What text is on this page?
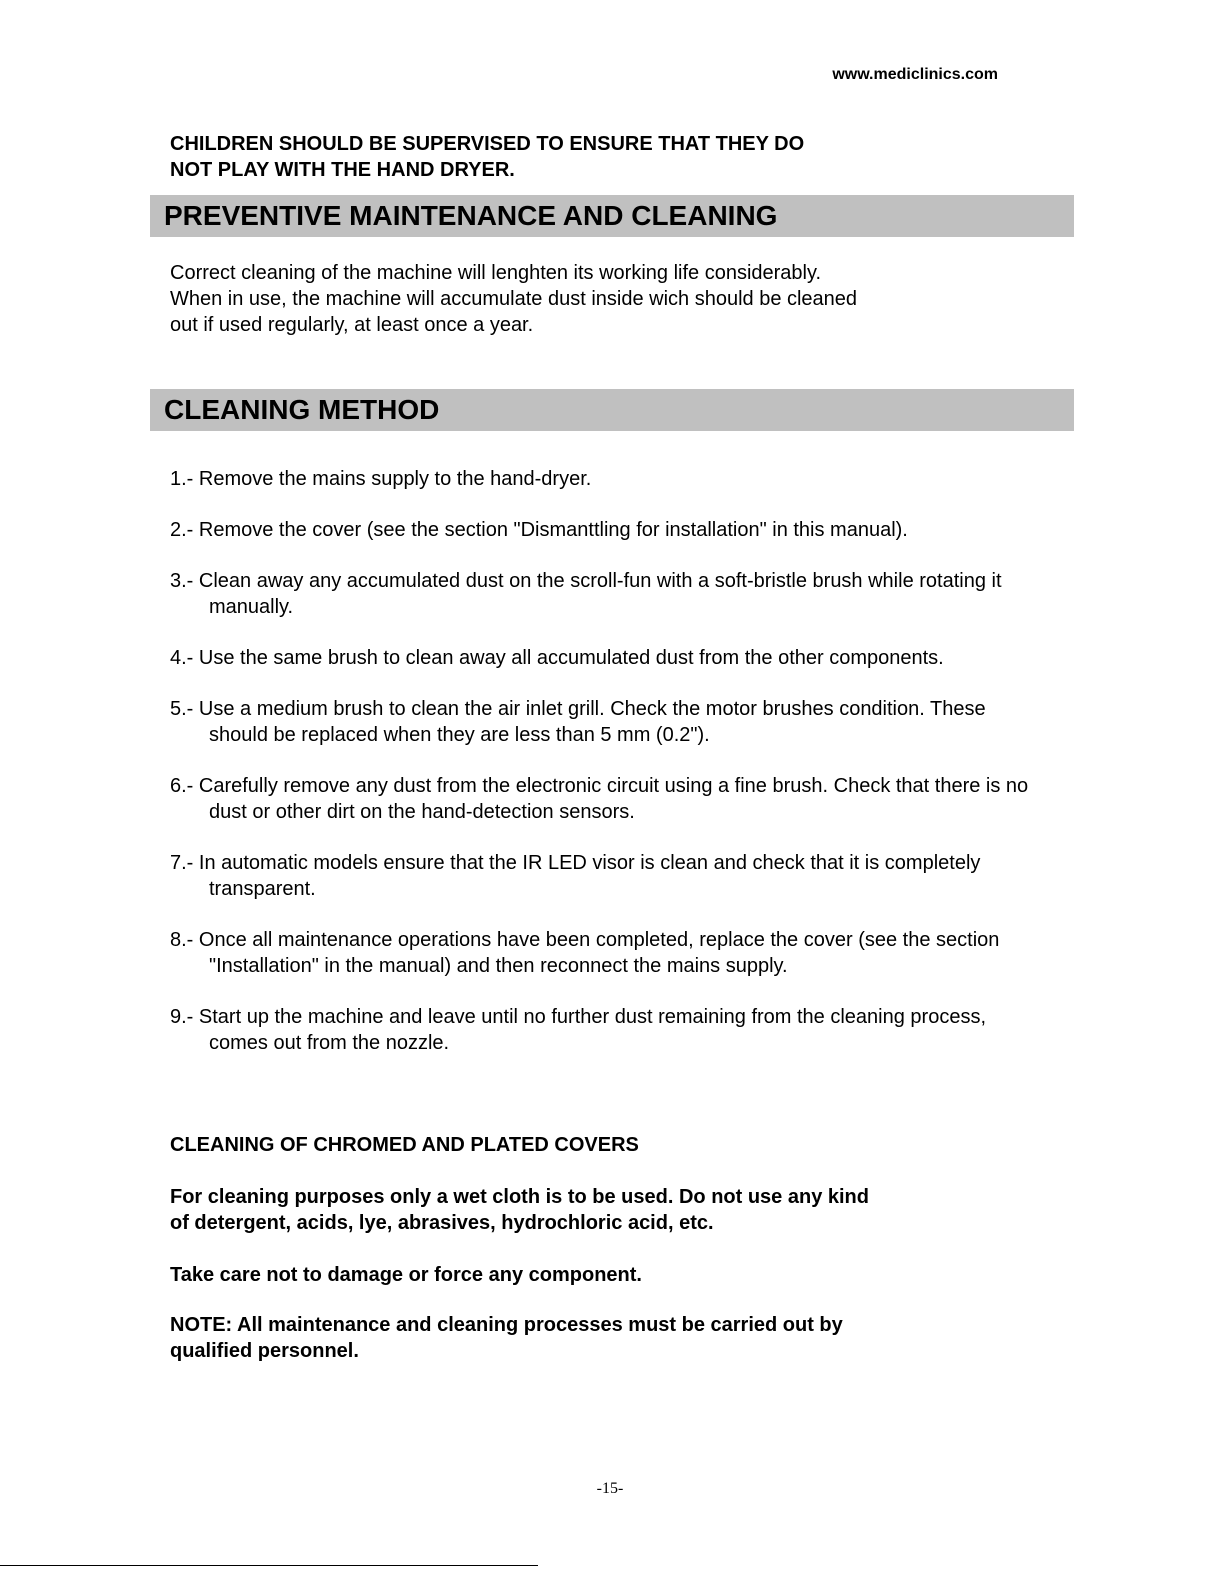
www.mediclinics.com
CHILDREN SHOULD BE SUPERVISED TO ENSURE THAT THEY DO
NOT PLAY WITH THE HAND DRYER.
PREVENTIVE MAINTENANCE AND CLEANING

Correct cleaning of the machine will lenghten its working life considerably.

When in use, the machine will accumulate dust inside wich should be cleaned out if used regularly, at least once a year.

CLEANING METHOD
1.- Remove the mains supply to the hand-dryer.
2.- Remove the cover (see the section "Dismanttling for installation" in this manual).
3.- Clean away any accumulated dust on the scroll-fun with a soft-bristle brush while rotating it manually.
4.- Use the same brush to clean away all accumulated dust from the other components.
5.- Use a medium brush to clean the air inlet grill. Check the motor brushes condition. These should be replaced when they are less than 5 mm (0.2").
6.- Carefully remove any dust from the electronic circuit using a fine brush. Check that there is no dust or other dirt on the hand-detection sensors.
7.- In automatic models ensure that the IR LED visor is clean and check that it is completely transparent.
8.- Once all maintenance operations have been completed, replace the cover (see the section "Installation" in the manual) and then reconnect the mains supply.
9.- Start up the machine and leave until no further dust remaining from the cleaning process, comes out from the nozzle.
CLEANING OF CHROMED AND PLATED COVERS
For cleaning purposes only a wet cloth is to be used. Do not use any kind of detergent, acids, lye, abrasives, hydrochloric acid, etc.
Take care not to damage or force any component.
NOTE: All maintenance and cleaning processes must be carried out by qualified personnel.
-15-
